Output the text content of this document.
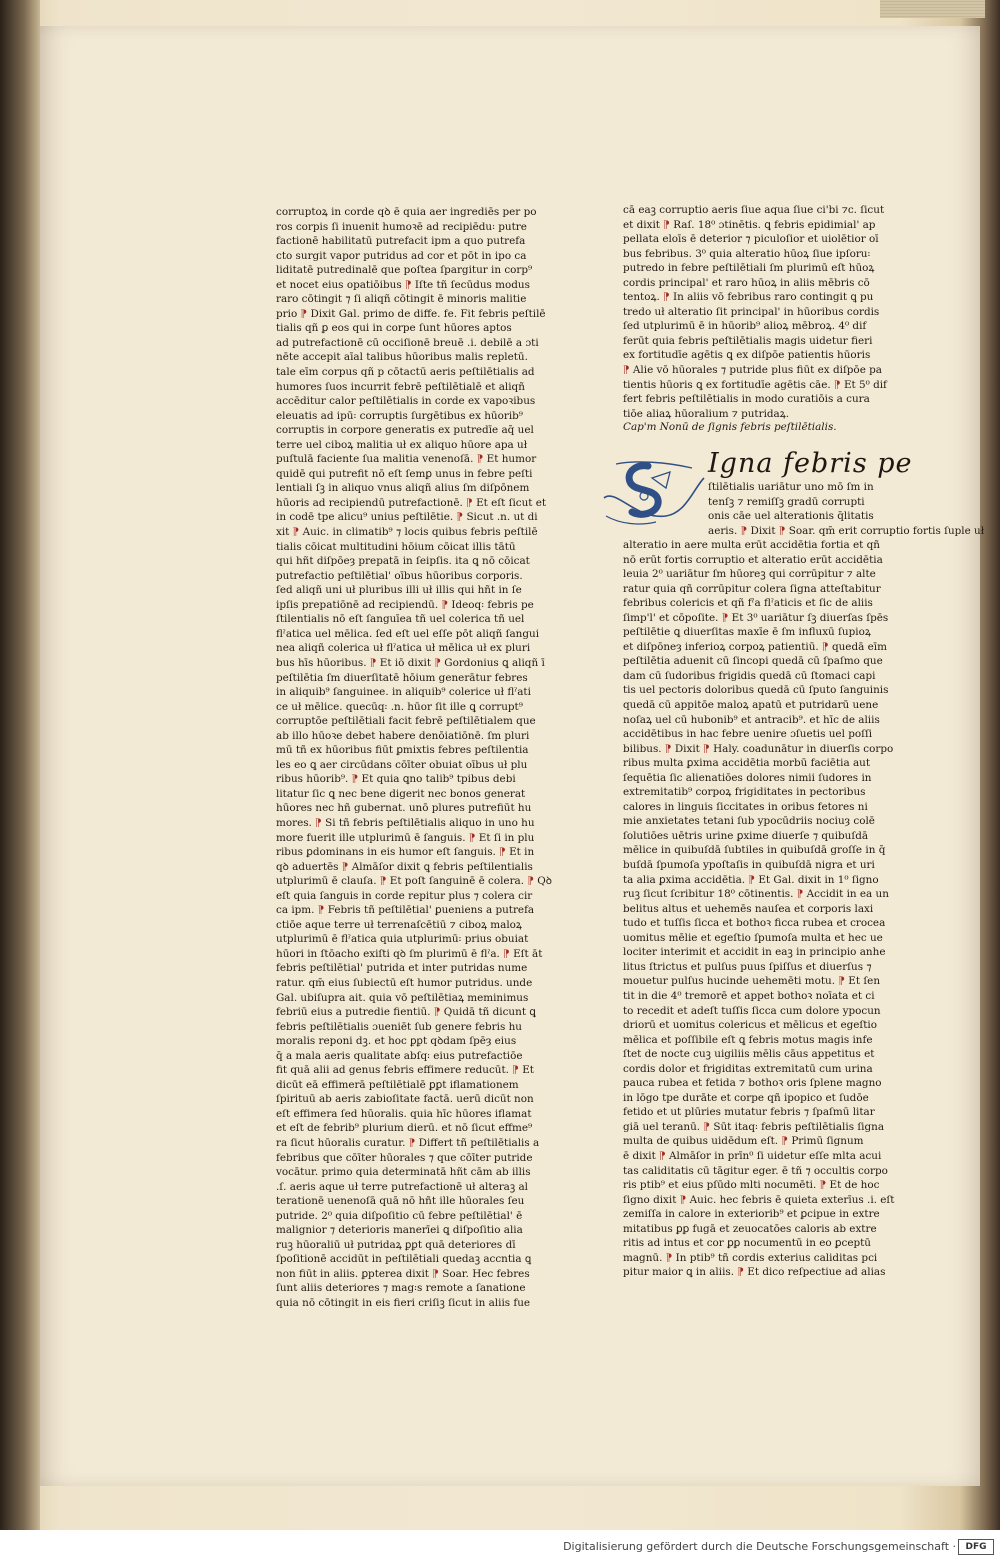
corruptoꝝ in corde qꝺ ē quia aer ingrediēs per po
ros corpis ſi inuenit humoꝛē ad recipiēdu꞉ putre
factionē habilitatū putrefacit ipm a quo putrefa
cto surgit vapor putridus ad cor et pōt in ipo ca
liditatē putredinalē que poſtea ſpargitur in corp⁹
et nocet eius opatiōibus ⁋ Iſte tñ ſecūdus modus
raro cōtingit ⁊ ſi aliqñ cōtingit ē minoris malitie
prio ⁋ Dixit Gal. primo de diffe. fe. Fit febris peſtilē
tialis qñ ꝑ eos qui in corpe ſunt hūores aptos
ad putrefactionē cū occiſionē breuē .i. debilē a ɔti
nēte accepit aīal talibus hūoribus malis repletū.
tale eīm corpus qñ p cōtactū aeris peſtilētialis ad
humores ſuos incurrit febrē peſtilētialē et aliqñ
accēditur calor peſtilētialis in corde ex vapoꝛibus
eleuatis ad ipū꞉ corruptis ſurgētibus ex hūorib⁹
corruptis in corpore generatis ex putredīe aq̄ uel
terre uel ciboꝝ malitia uł ex aliquo hūore apa uł
puſtulā faciente ſua malitia venenoſā. ⁋ Et humor
quidē qui putrefit nō eſt ſemꝑ unus in febre peſti
lentiali ſꝫ in aliquo vnus aliqñ alius ſm diſpōnem
hūoris ad recipiendū putrefactionē. ⁋ Et eſt ſicut et
in codē tpe alicu⁹ unius peſtilētie. ⁋ Sicut .n. ut di
xit ⁋ Auic. in climatib⁹ ⁊ locis quibus febris peſtilē
tialis cōicat multitudini hōium cōicat illis tātū
qui hñt diſpōeȝ prepatā in ſeipſis. ita ꝗ nō cōicat
putrefactio peſtilētial' oībus hūoribus corporis.
ſed aliqñ uni uł pluribus illi uł illis qui hñt in ſe
ipſis prepatiōnē ad recipiendū. ⁋ Ideoq꞉ febris pe
ſtilentialis nō eſt ſanguīea tñ uel colerica tñ uel
flˀatica uel mēlica. ſed eſt uel eſſe pōt aliqñ ſangui
nea aliqñ colerica uł flˀatica uł mēlica uł ex pluri
bus hīs hūoribus. ⁋ Et iō dixit ⁋ Gordonius ꝗ aliqñ ī
peſtilētia ſm diuerſitatē hōium generātur febres
in aliquib⁹ ſanguinee. in aliquib⁹ colerice uł flˀati
ce uł mēlice. quecūq꞉ .n. hūor ſit ille ꝗ corrupt⁹
corruptōe peſtilētiali facit febrē peſtilētialem que
ab illo hūoꝛe debet habere denōiatiōnē. ſm pluri
mū tñ ex hūoribus fiūt ꝑmixtis febres peſtilentia
les eo ꝗ aer circūdans cōīter obuiat oībus uł plu
ribus hūorib⁹. ⁋ Et quia ꝗno talib⁹ tpibus debi
litatur ſic ꝗ nec bene digerit nec bonos generat
hūores nec hñ gubernat. unō plures putrefiūt hu
mores. ⁋ Si tñ febris peſtilētialis aliquo in uno hu
more fuerit ille utplurimū ē ſanguis. ⁋ Et ſi in plu
ribus ꝑdominans in eis humor eſt ſanguis. ⁋ Et in
qꝺ aduertēs ⁋ Almāſor dixit ꝗ febris peſtilentialis
utplurimū ē clauſa. ⁋ Et poſt ſanguinē ē colera. ⁋ Qꝺ
eſt quia ſanguis in corde repitur plus ⁊ colera cir
ca ipm. ⁋ Febris tñ peſtilētial' ꝑueniens a putrefa
ctiōe aque terre uł terrenaſcētiū ⁊ ciboꝝ maloꝝ
utplurimū ē flˀatica quia utplurimū꞉ prius obuiat
hūori in ſtōacho exiſti qꝺ ſm plurimū ē flˀa. ⁋ Eſt āt
febris peſtilētial' putrida et inter putridas nume
ratur. qm̄ eius ſubiectū eſt humor putridus. unde
Gal. ubiſupra ait. quia vō peſtilētiaꝝ meminimus
febriū eius a putredie fientiū. ⁋ Quidā tñ dicunt ꝗ
febris peſtilētialis ɔueniēt ſub genere febris hu
moralis reponi dꝫ. et hoc ꝑꝑt qꝺdam ſpēȝ eius
q̄ a mala aeris qualitate abſq꞉ eius putrefactiōe
fit quā alii ad genus febris effimere reducūt. ⁋ Et
dicūt eā effimerā peſtilētialē ꝑꝑt iflamationem
ſpirituū ab aeris zabioſitate factā. uerū dicūt non
eſt effimera ſed hūoralis. quia hīc hūores iflamat
et eſt de febrib⁹ plurium dierū. et nō ſicut effme⁹
ra ſicut hūoralis curatur. ⁋ Differt tñ peſtilētialis a
febribus que cōīter hūorales ⁊ que cōīter putride
vocātur. primo quia determinatā hñt cām ab illis
.ſ. aeris aque uł terre putrefactionē uł alteraꝫ al
terationē uenenoſā quā nō hñt ille hūorales ſeu
putride. 2⁰ quia diſpoſitio cū febre peſtilētial' ē
malignior ⁊ deterioris manerīei ꝗ diſpoſitio alia
ruꝫ hūoraliū uł putridaꝝ ꝑꝑt quā deteriores dī
ſpoſitionē accidūt in peſtilētiali quedaꝫ accntia ꝗ
non fiūt in aliis. ꝑpterea dixit ⁋ Soar. Hec febres
ſunt aliis deteriores ⁊ mag꞉s remote a ſanatione
quia nō cōtingit in eis fieri criſiꝫ ſicut in aliis fue
cā eaꝫ corruptio aeris ſiue aqua ſiue ci'bi ⁊c. ſicut
et dixit ⁋ Raſ. 18⁰ ɔtinētis. ꝗ febris epidimial' ap
pellata eloīs ē deterior ⁊ piculoſior et uiolētior oī
bus febribus. 3⁰ quia alteratio hūoꝝ ſiue ipſoru꞉
putredo in febre peſtilētiali ſm plurimū eſt hūoꝝ
cordis principal' et raro hūoꝝ in aliis mēbris cō
tentoꝝ. ⁋ In aliis vō febribus raro contingit ꝗ pu
tredo uł alteratio ſit principal' in hūoribus cordis
ſed utplurimū ē in hūorib⁹ alioꝝ mēbroꝝ. 4⁰ dif
ferūt quia febris peſtilētialis magis uidetur fieri
ex fortitudīe agētis ꝗ ex diſpōe patientis hūoris
⁋ Alie vō hūorales ⁊ putride plus fiūt ex diſpōe pa
tientis hūoris ꝗ ex fortitudīe agētis cāe. ⁋ Et 5⁰ dif
fert febris peſtilētialis in modo curatiōis a cura
tiōe aliaꝝ hūoralium ⁊ putridaꝝ.
Cap'm Nonū de ſignis febris peſtilētialis.
Igna febris pe
ſtilētialis uariātur uno mō ſm in
tenſꝫ ⁊ remiſſꝫ gradū corrupti
onis cāe uel alterationis q̄litatis
aeris. ⁋ Dixit ⁋ Soar. qm̄ erit corruptio fortis ſuple uł
alteratio in aere multa erūt accidētia fortia et qñ
nō erūt fortis corruptio et alteratio erūt accidētia
leuia 2⁰ uariātur ſm hūoreꝫ qui corrūpitur ⁊ alte
ratur quia qñ corrūpitur colera ſigna atteſtabitur
febribus colericis et qñ fˀa flˀaticis et ſic de aliis
ſimp'l' et cōpoſite. ⁋ Et 3⁰ uariātur ſꝫ diuerſas ſpēs
peſtilētie ꝗ diuerſitas maxīe ē ſm influxū ſupioꝝ
et diſpōneȝ inferioꝝ corpoꝝ patientiū. ⁋ quedā eīm
peſtilētia aduenit cū ſincopi quedā cū ſpaſmo que
dam cū ſudoribus frigidis quedā cū ſtomaci capi
tis uel pectoris doloribus quedā cū ſputo ſanguinis
quedā cū appitōe maloꝝ apatū et putridarū uene
noſaꝝ uel cū hubonib⁹ et antracib⁹. et hīc de aliis
accidētibus in hac febre uenire ɔſuetis uel poſſi
bilibus. ⁋ Dixit ⁋ Haly. coadunātur in diuerſis corpo
ribus multa ꝑxima accidētia morbū faciētia aut
ſequētia ſic alienatiōes dolores nimii ſudores in
extremitatib⁹ corpoꝝ frigiditates in pectoribus
calores in linguis ſiccitates in oribus fetores ni
mie anxietates tetani ſub ypocūdriis nociuȝ colē
ſolutiōes uētris urine ꝑxime diuerſe ⁊ quibuſdā
mēlice in quibuſdā ſubtiles in quibuſdā groſſe in q̄
buſdā ſpumoſa ypoſtaſis in quibuſdā nigra et uri
ta alia ꝑxima accidētia. ⁋ Et Gal. dixit in 1⁰ ſigno
ruꝫ ſicut ſcribitur 18⁰ cōtinentis. ⁋ Accidit in ea un
belitus altus et uehemēs nauſea et corporis laxi
tudo et tuſſis ſicca et bothoꝛ ficca rubea et crocea
uomitus mēlie et egeſtio ſpumoſa multa et hec ue
lociter interimit et accidit in eaꝫ in principio anhe
litus ſtrictus et pulſus puus ſpiſſus et diuerſus ⁊
mouetur pulſus hucinde uehemēti motu. ⁋ Et ſen
tit in die 4⁰ tremorē et appet bothoꝛ noīata et ci
to recedit et adeſt tuſſis ſicca cum dolore ypocun
driorū et uomitus colericus et mēlicus et egeſtio
mēlica et poſſibile eſt ꝗ febris motus magis infe
ſtet de nocte cuꝫ uigiliis mēlis cāus appetitus et
cordis dolor et frigiditas extremitatū cum urina
pauca rubea et fetida ⁊ bothoꝛ oris ſplene magno
in lōgo tpe durāte et corpe qñ ipopico et ſudōe
fetido et ut plūries mutatur febris ⁊ ſpaſmū litar
giā uel teranū. ⁋ Sūt itaq꞉ febris peſtilētialis ſigna
multa de quibus uidēdum eſt. ⁋ Primū ſignum
ē dixit ⁋ Almāſor in prīn⁰ ſi uidetur eſſe mlta acui
tas caliditatis cū tāgitur eger. ē tñ ⁊ occultis corpo
ris ptib⁹ et eius pſūdo mlti nocumēti. ⁋ Et de hoc
ſigno dixit ⁋ Auic. hec febris ē quieta exterīus .i. eſt
zemiſſa in calore in exteriorib⁹ et ꝑcipue in extre
mitatibus ꝑꝑ fugā et zeuocatōes caloris ab extre
ritis ad intus et cor ꝑꝑ nocumentū in eo ꝑceptū
magnū. ⁋ In ptib⁹ tñ cordis exterius caliditas pci
pitur maior ꝗ in aliis. ⁋ Et dico reſpectiue ad alias
Digitalisierung gefördert durch die Deutsche Forschungsgemeinschaft ·	DFG
